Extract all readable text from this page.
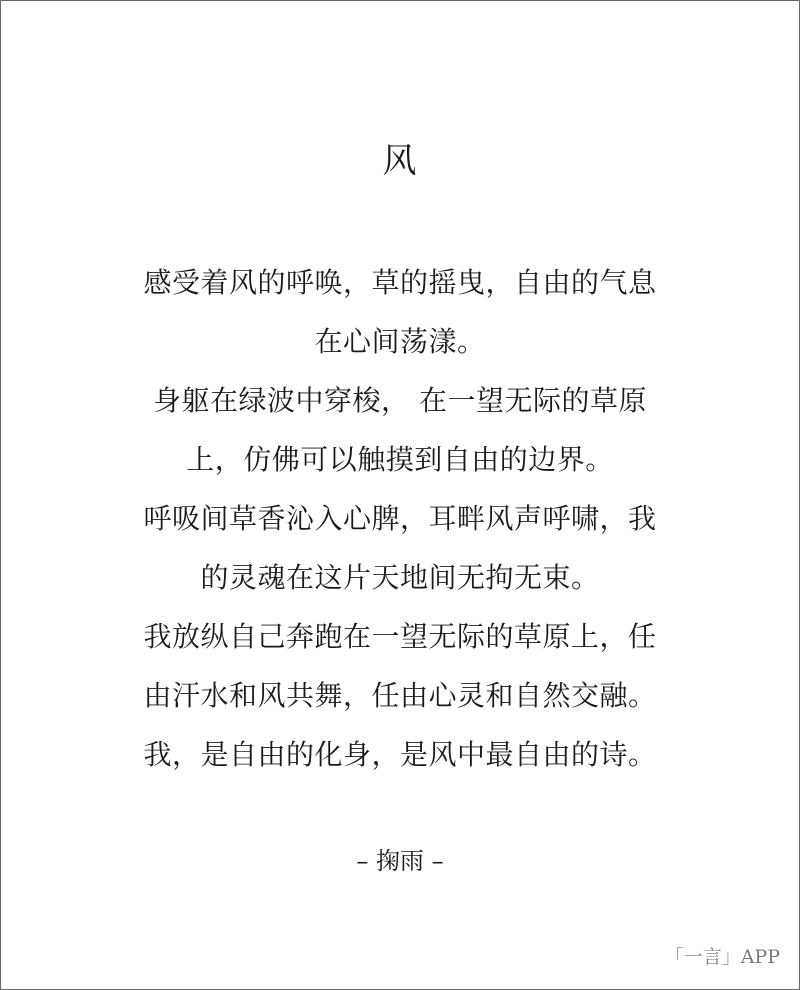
风
感受着风的呼唤，草的摇曳，自由的气息
在心间荡漾。
身躯在绿波中穿梭， 在一望无际的草原
上，仿佛可以触摸到自由的边界。
呼吸间草香沁入心脾，耳畔风声呼啸，我
的灵魂在这片天地间无拘无束。
我放纵自己奔跑在一望无际的草原上，任
由汗水和风共舞，任由心灵和自然交融。
我，是自由的化身，是风中最自由的诗。
– 掬雨 –
「一言」APP
